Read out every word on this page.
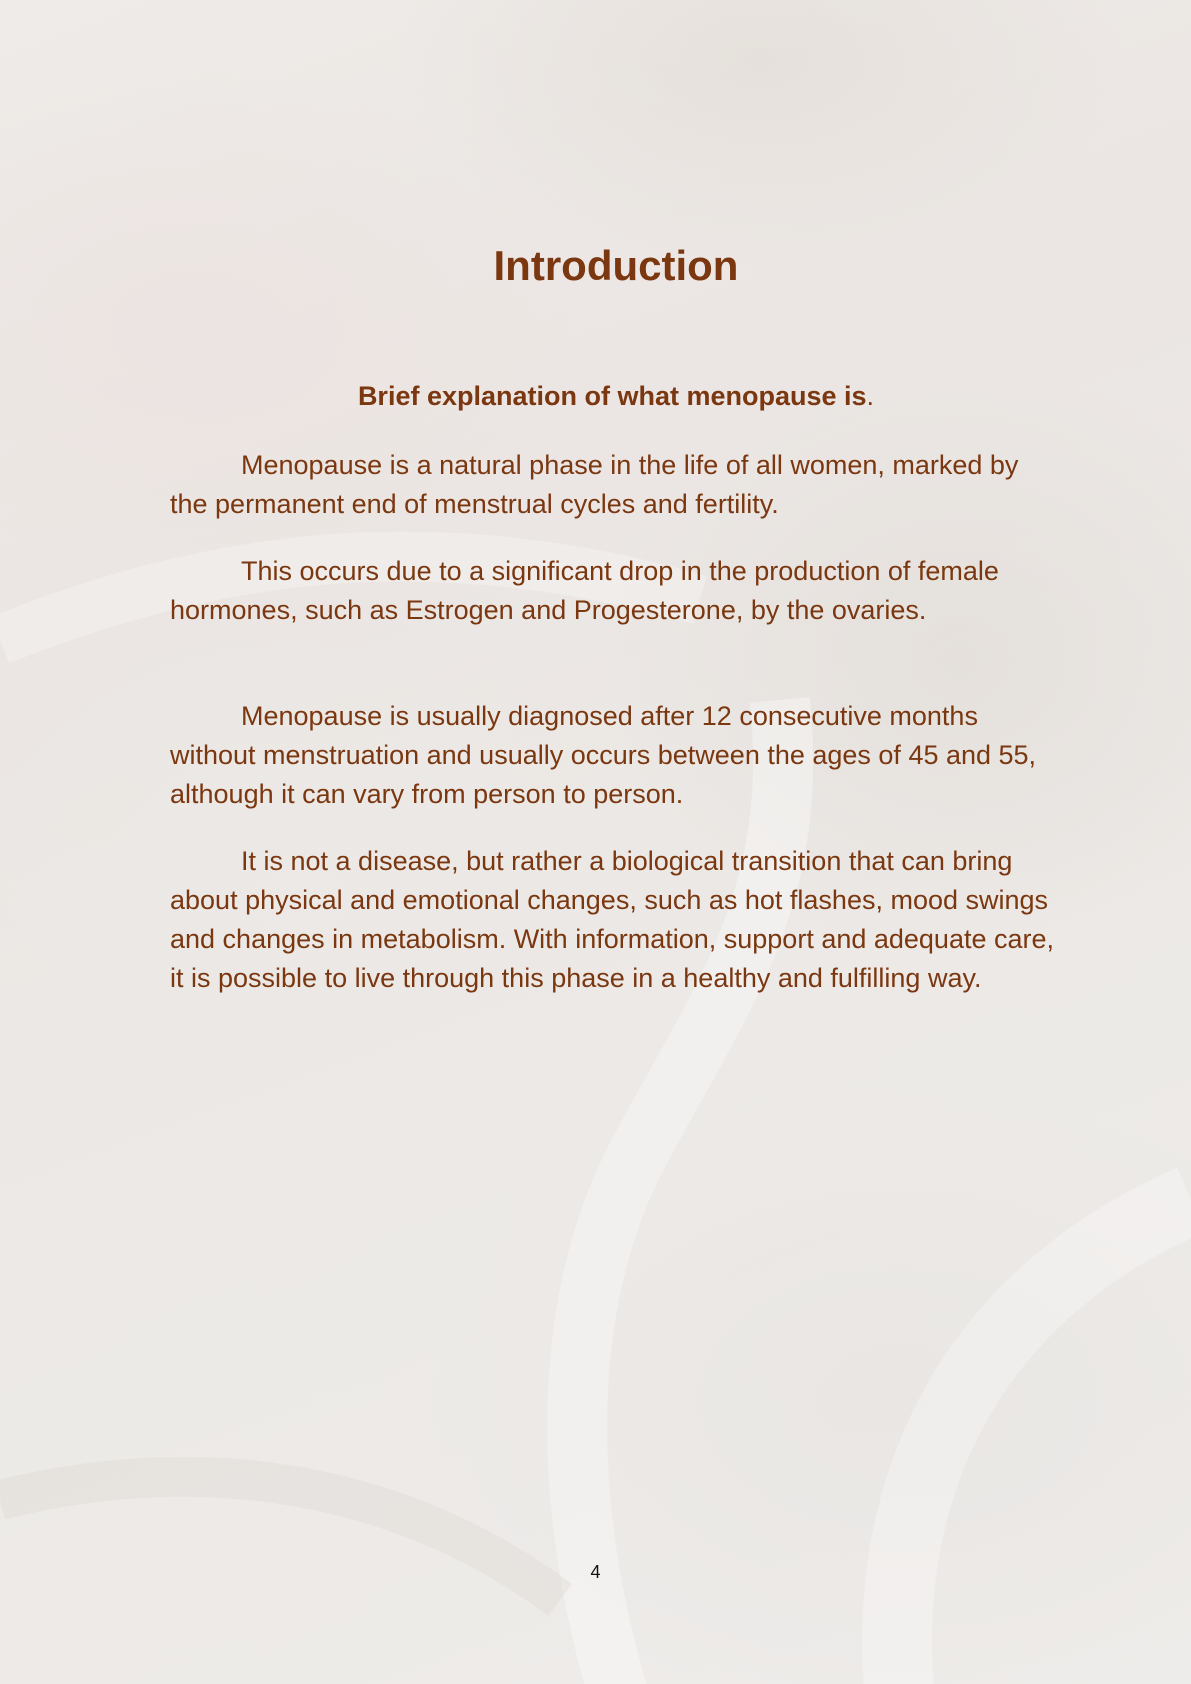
Introduction

Brief explanation of what menopause is.

Menopause is a natural phase in the life of all women, marked by the permanent end of menstrual cycles and fertility.

This occurs due to a significant drop in the production of female hormones, such as Estrogen and Progesterone, by the ovaries.

Menopause is usually diagnosed after 12 consecutive months without menstruation and usually occurs between the ages of 45 and 55, although it can vary from person to person.

It is not a disease, but rather a biological transition that can bring about physical and emotional changes, such as hot flashes, mood swings and changes in metabolism. With information, support and adequate care, it is possible to live through this phase in a healthy and fulfilling way.

4
